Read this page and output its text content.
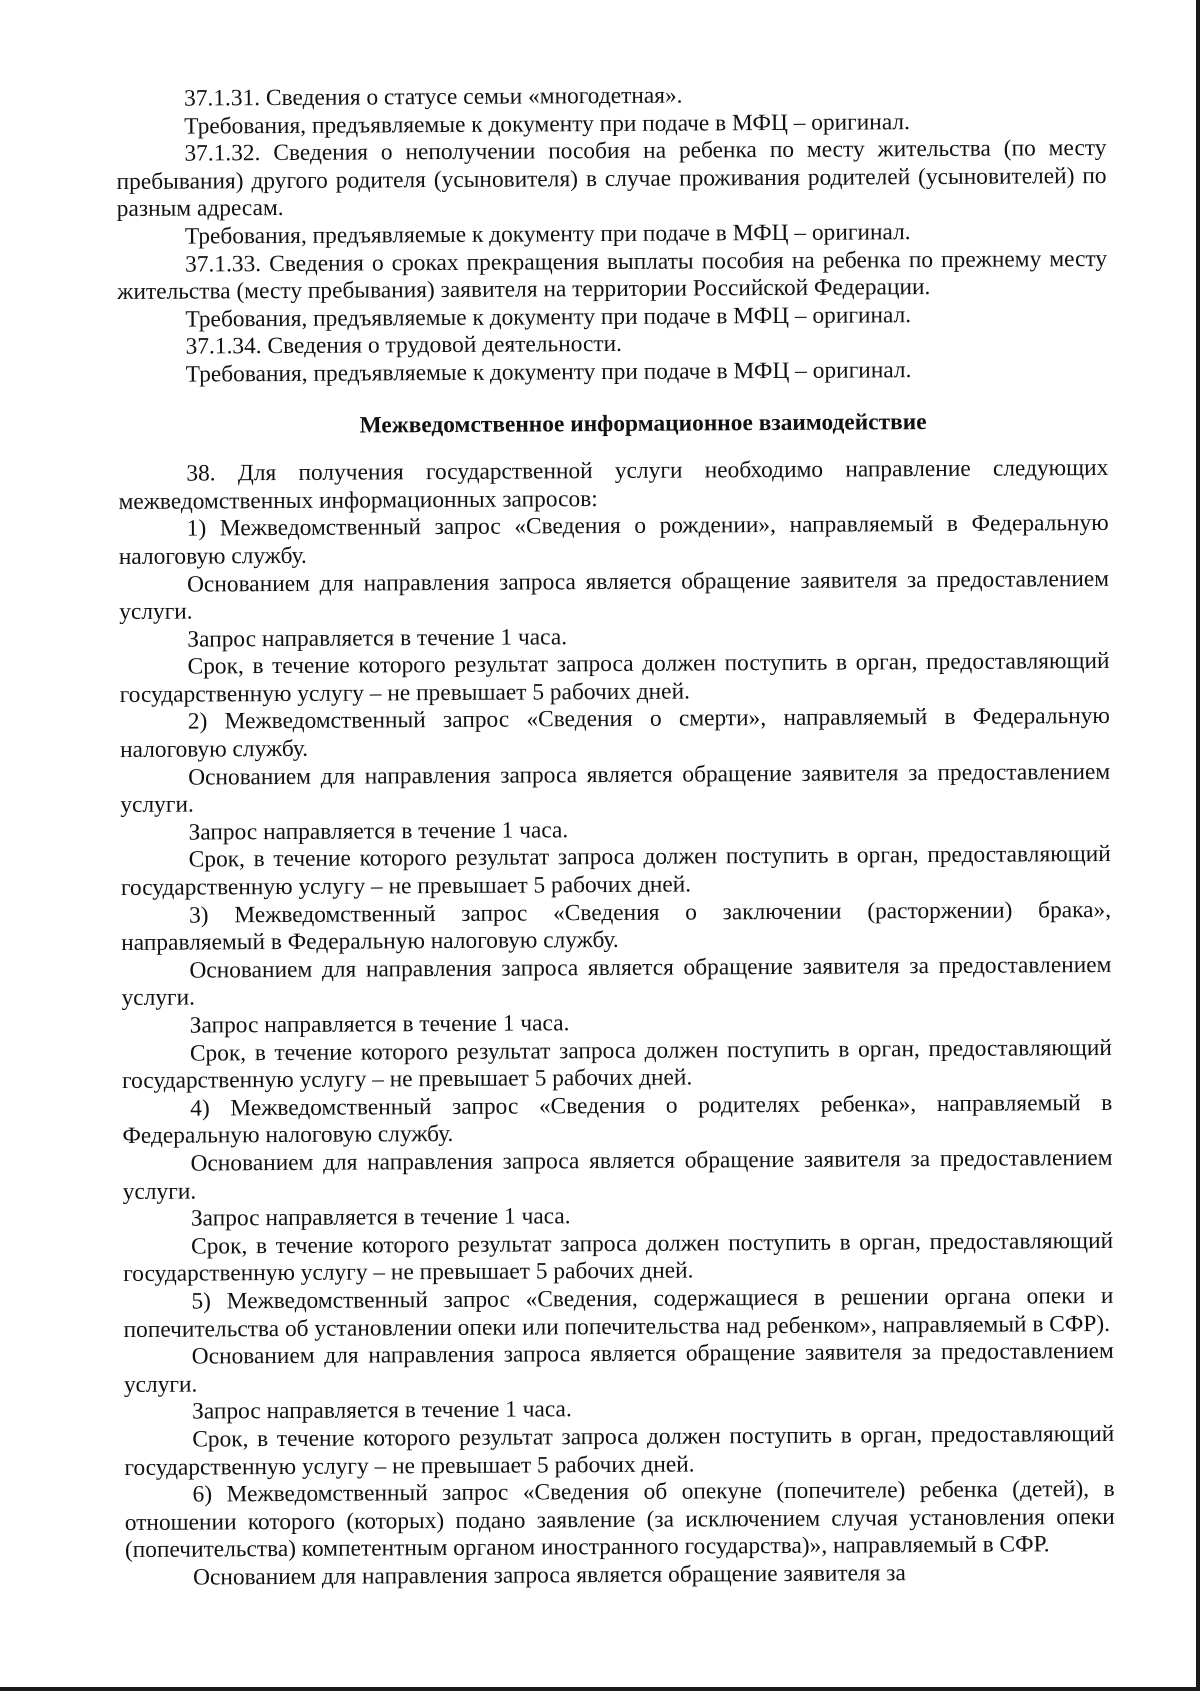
37.1.31. Сведения о статусе семьи «многодетная».

Требования, предъявляемые к документу при подаче в МФЦ – оригинал.

37.1.32. Сведения о неполучении пособия на ребенка по месту жительства (по месту пребывания) другого родителя (усыновителя) в случае проживания родителей (усыновителей) по разным адресам.

Требования, предъявляемые к документу при подаче в МФЦ – оригинал.

37.1.33. Сведения о сроках прекращения выплаты пособия на ребенка по прежнему месту жительства (месту пребывания) заявителя на территории Российской Федерации.

Требования, предъявляемые к документу при подаче в МФЦ – оригинал.

37.1.34. Сведения о трудовой деятельности.

Требования, предъявляемые к документу при подаче в МФЦ – оригинал.

Межведомственное информационное взаимодействие

38. Для получения государственной услуги необходимо направление следующих межведомственных информационных запросов:

1) Межведомственный запрос «Сведения о рождении», направляемый в Федеральную налоговую службу.

Основанием для направления запроса является обращение заявителя за предоставлением услуги.

Запрос направляется в течение 1 часа.

Срок, в течение которого результат запроса должен поступить в орган, предоставляющий государственную услугу – не превышает 5 рабочих дней.

2) Межведомственный запрос «Сведения о смерти», направляемый в Федеральную налоговую службу.

Основанием для направления запроса является обращение заявителя за предоставлением услуги.

Запрос направляется в течение 1 часа.

Срок, в течение которого результат запроса должен поступить в орган, предоставляющий государственную услугу – не превышает 5 рабочих дней.

3) Межведомственный запрос «Сведения о заключении (расторжении) брака», направляемый в Федеральную налоговую службу.

Основанием для направления запроса является обращение заявителя за предоставлением услуги.

Запрос направляется в течение 1 часа.

Срок, в течение которого результат запроса должен поступить в орган, предоставляющий государственную услугу – не превышает 5 рабочих дней.

4) Межведомственный запрос «Сведения о родителях ребенка», направляемый в Федеральную налоговую службу.

Основанием для направления запроса является обращение заявителя за предоставлением услуги.

Запрос направляется в течение 1 часа.

Срок, в течение которого результат запроса должен поступить в орган, предоставляющий государственную услугу – не превышает 5 рабочих дней.

5) Межведомственный запрос «Сведения, содержащиеся в решении органа опеки и попечительства об установлении опеки или попечительства над ребенком», направляемый в СФР).

Основанием для направления запроса является обращение заявителя за предоставлением услуги.

Запрос направляется в течение 1 часа.

Срок, в течение которого результат запроса должен поступить в орган, предоставляющий государственную услугу – не превышает 5 рабочих дней.

6) Межведомственный запрос «Сведения об опекуне (попечителе) ребенка (детей), в отношении которого (которых) подано заявление (за исключением случая установления опеки (попечительства) компетентным органом иностранного государства)», направляемый в СФР.

Основанием для направления запроса является обращение заявителя за
